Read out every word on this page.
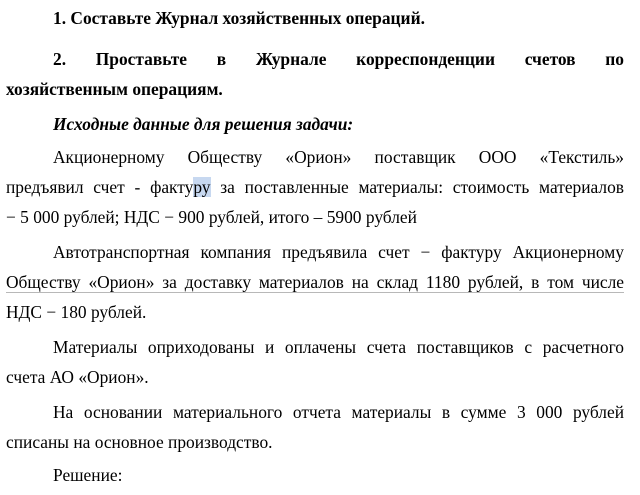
1. Составьте Журнал хозяйственных операций.
2. Проставьте в Журнале корреспонденции счетов по
хозяйственным операциям.
Исходные данные для решения задачи:
Акционерному Обществу «Орион» поставщик ООО «Текстиль»
предъявил счет - фактуру за поставленные материалы: стоимость материалов
− 5 000 рублей; НДС − 900 рублей, итого – 5900 рублей
Автотранспортная компания предъявила счет − фактуру Акционерному
Обществу «Орион» за доставку материалов на склад 1180 рублей, в том числе
НДС − 180 рублей.
Материалы оприходованы и оплачены счета поставщиков с расчетного
счета АО «Орион».
На основании материального отчета материалы в сумме 3 000 рублей
списаны на основное производство.
Решение:
